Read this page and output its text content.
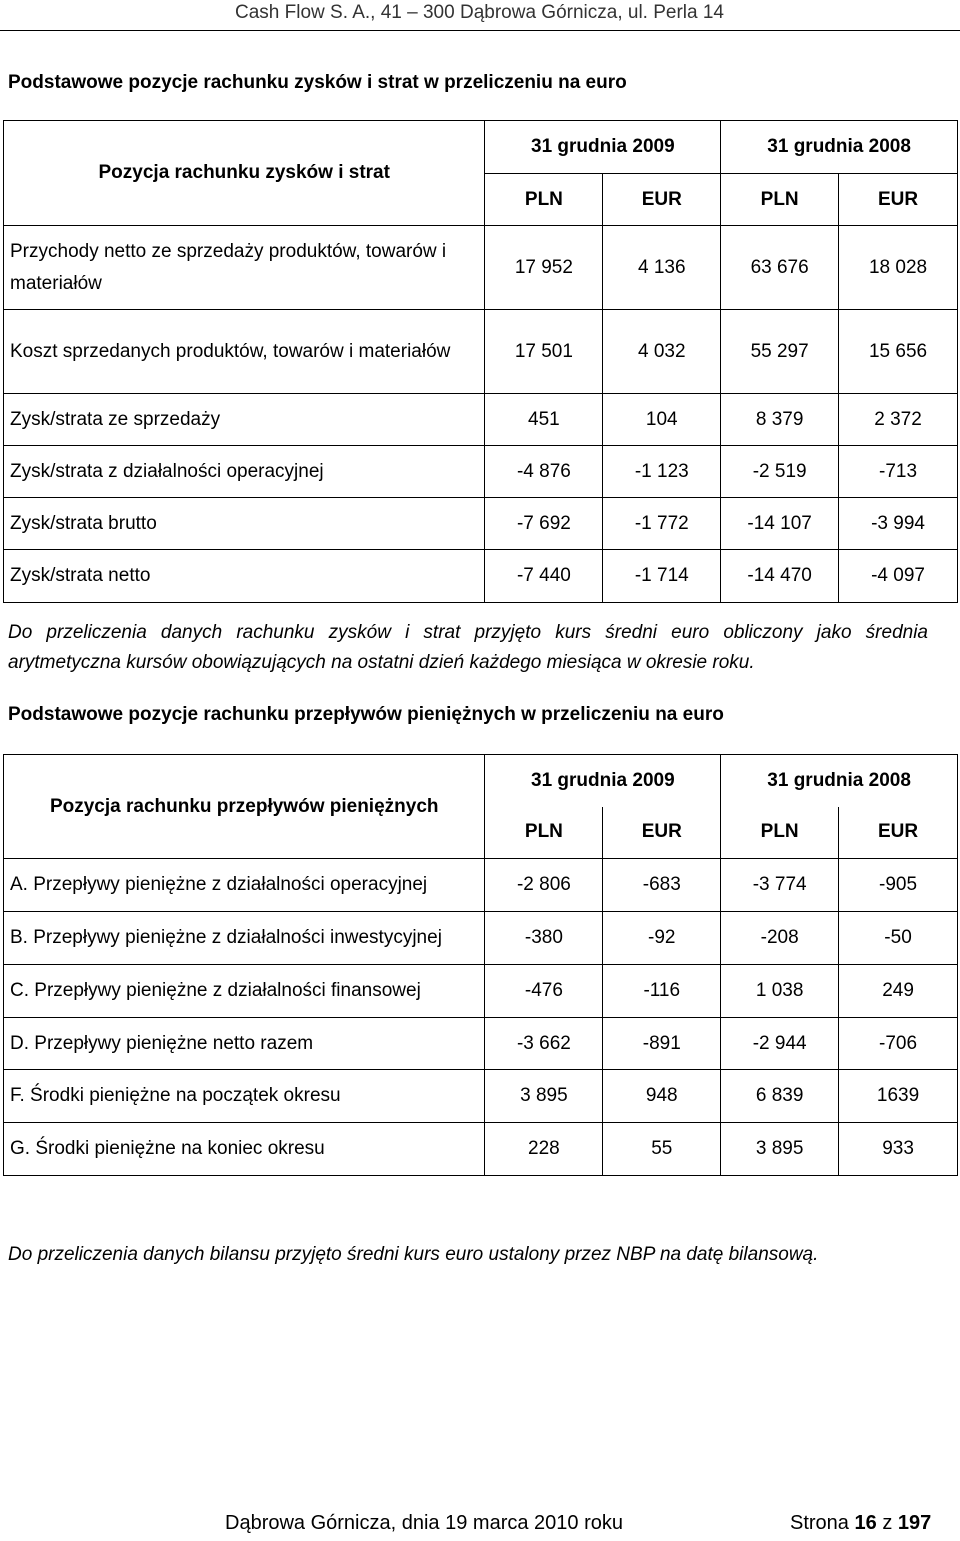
Cash Flow S. A., 41 – 300 Dąbrowa Górnicza, ul. Perla 14
Podstawowe pozycje rachunku zysków i strat w przeliczeniu na euro
Pozycja rachunku zysków i strat	31 grudnia 2009		31 grudnia 2008	
	PLN	EUR	PLN	EUR
Przychody netto ze sprzedaży produktów, towarów i materiałów	17 952	4 136	63 676	18 028
Koszt sprzedanych produktów, towarów i materiałów	17 501	4 032	55 297	15 656
Zysk/strata ze sprzedaży	451	104	8 379	2 372
Zysk/strata z działalności operacyjnej	-4 876	-1 123	-2 519	-713
Zysk/strata brutto	-7 692	-1 772	-14 107	-3 994
Zysk/strata netto	-7 440	-1 714	-14 470	-4 097
Do przeliczenia danych rachunku zysków i strat przyjęto kurs średni euro obliczony jako średnia arytmetyczna kursów obowiązujących na ostatni dzień każdego miesiąca w okresie roku.
Podstawowe pozycje rachunku przepływów pieniężnych w przeliczeniu na euro
Pozycja rachunku przepływów pieniężnych	31 grudnia 2009		31 grudnia 2008	
	PLN	EUR	PLN	EUR
A. Przepływy pieniężne z działalności operacyjnej	-2 806	-683	-3 774	-905
B. Przepływy pieniężne z działalności inwestycyjnej	-380	-92	-208	-50
C. Przepływy pieniężne z działalności finansowej	-476	-116	1 038	249
D. Przepływy pieniężne netto razem	-3 662	-891	-2 944	-706
F. Środki pieniężne na początek okresu	3 895	948	6 839	1639
G. Środki pieniężne na koniec okresu	228	55	3 895	933
Do przeliczenia danych bilansu przyjęto średni kurs euro ustalony przez NBP na datę bilansową.
Dąbrowa Górnicza, dnia 19 marca 2010 roku	Strona 16 z 197
